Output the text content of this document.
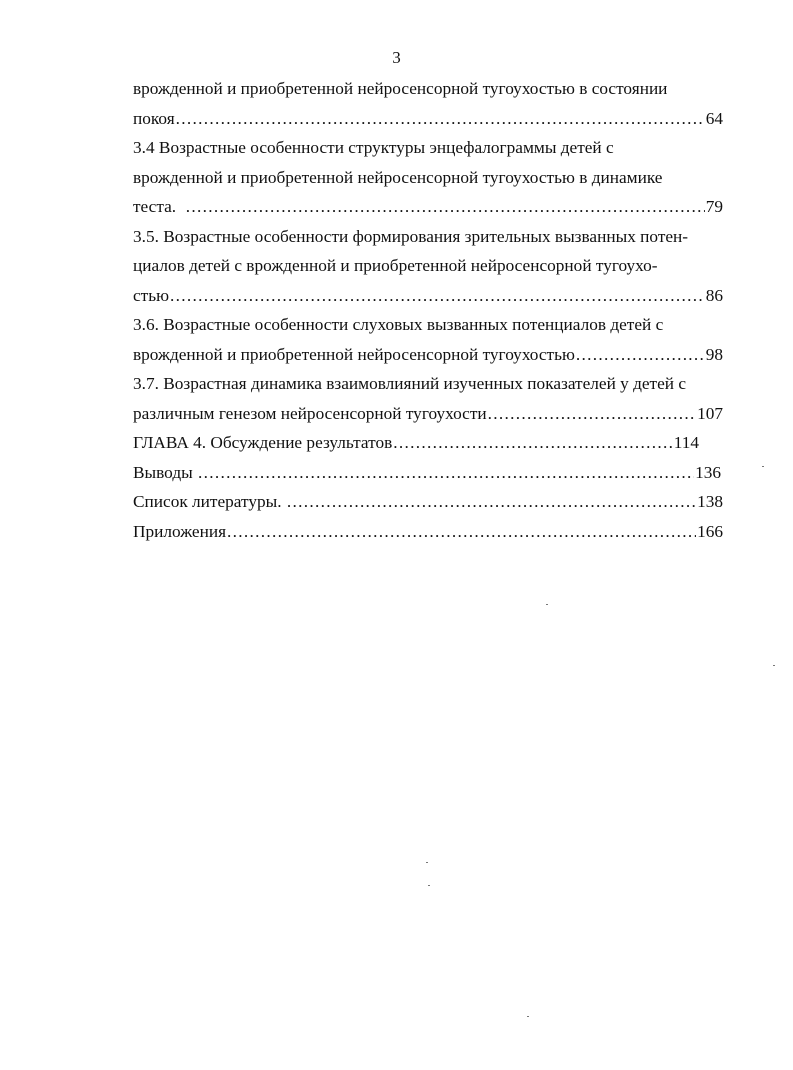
3
врожденной и приобретенной нейросенсорной тугоухостью в состоянии
покоя .....	64
3.4 Возрастные особенности структуры энцефалограммы детей с
врожденной и приобретенной нейросенсорной тугоухостью в динамике
теста. .....	79
3.5. Возрастные особенности формирования зрительных вызванных потен-
циалов детей с врожденной и приобретенной нейросенсорной тугоухо-
стью .....	86
3.6. Возрастные особенности слуховых вызванных потенциалов детей с
врожденной и приобретенной нейросенсорной тугоухостью .....	98
3.7. Возрастная динамика взаимовлияний изученных показателей у детей с
различным генезом нейросенсорной тугоухости .....	107
ГЛАВА 4. Обсуждение результатов .....	114
Выводы .....	136
Список литературы. .....	138
Приложения .....	166
